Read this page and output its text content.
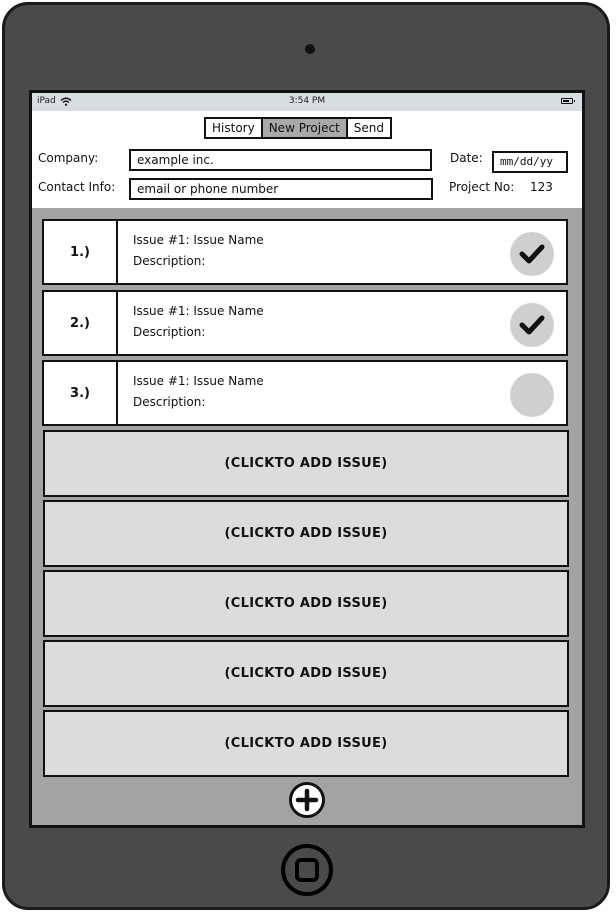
iPad	3:54 PM
History	New Project	Send
Company:	example inc.
Contact Info:	email or phone number
Date:	mm/dd/yy
Project No: 123
1.)
Issue #1: Issue Name
Description:
2.)
Issue #1: Issue Name
Description:
3.)
Issue #1: Issue Name
Description:
(CLICKTO ADD ISSUE)
(CLICKTO ADD ISSUE)
(CLICKTO ADD ISSUE)
(CLICKTO ADD ISSUE)
(CLICKTO ADD ISSUE)
